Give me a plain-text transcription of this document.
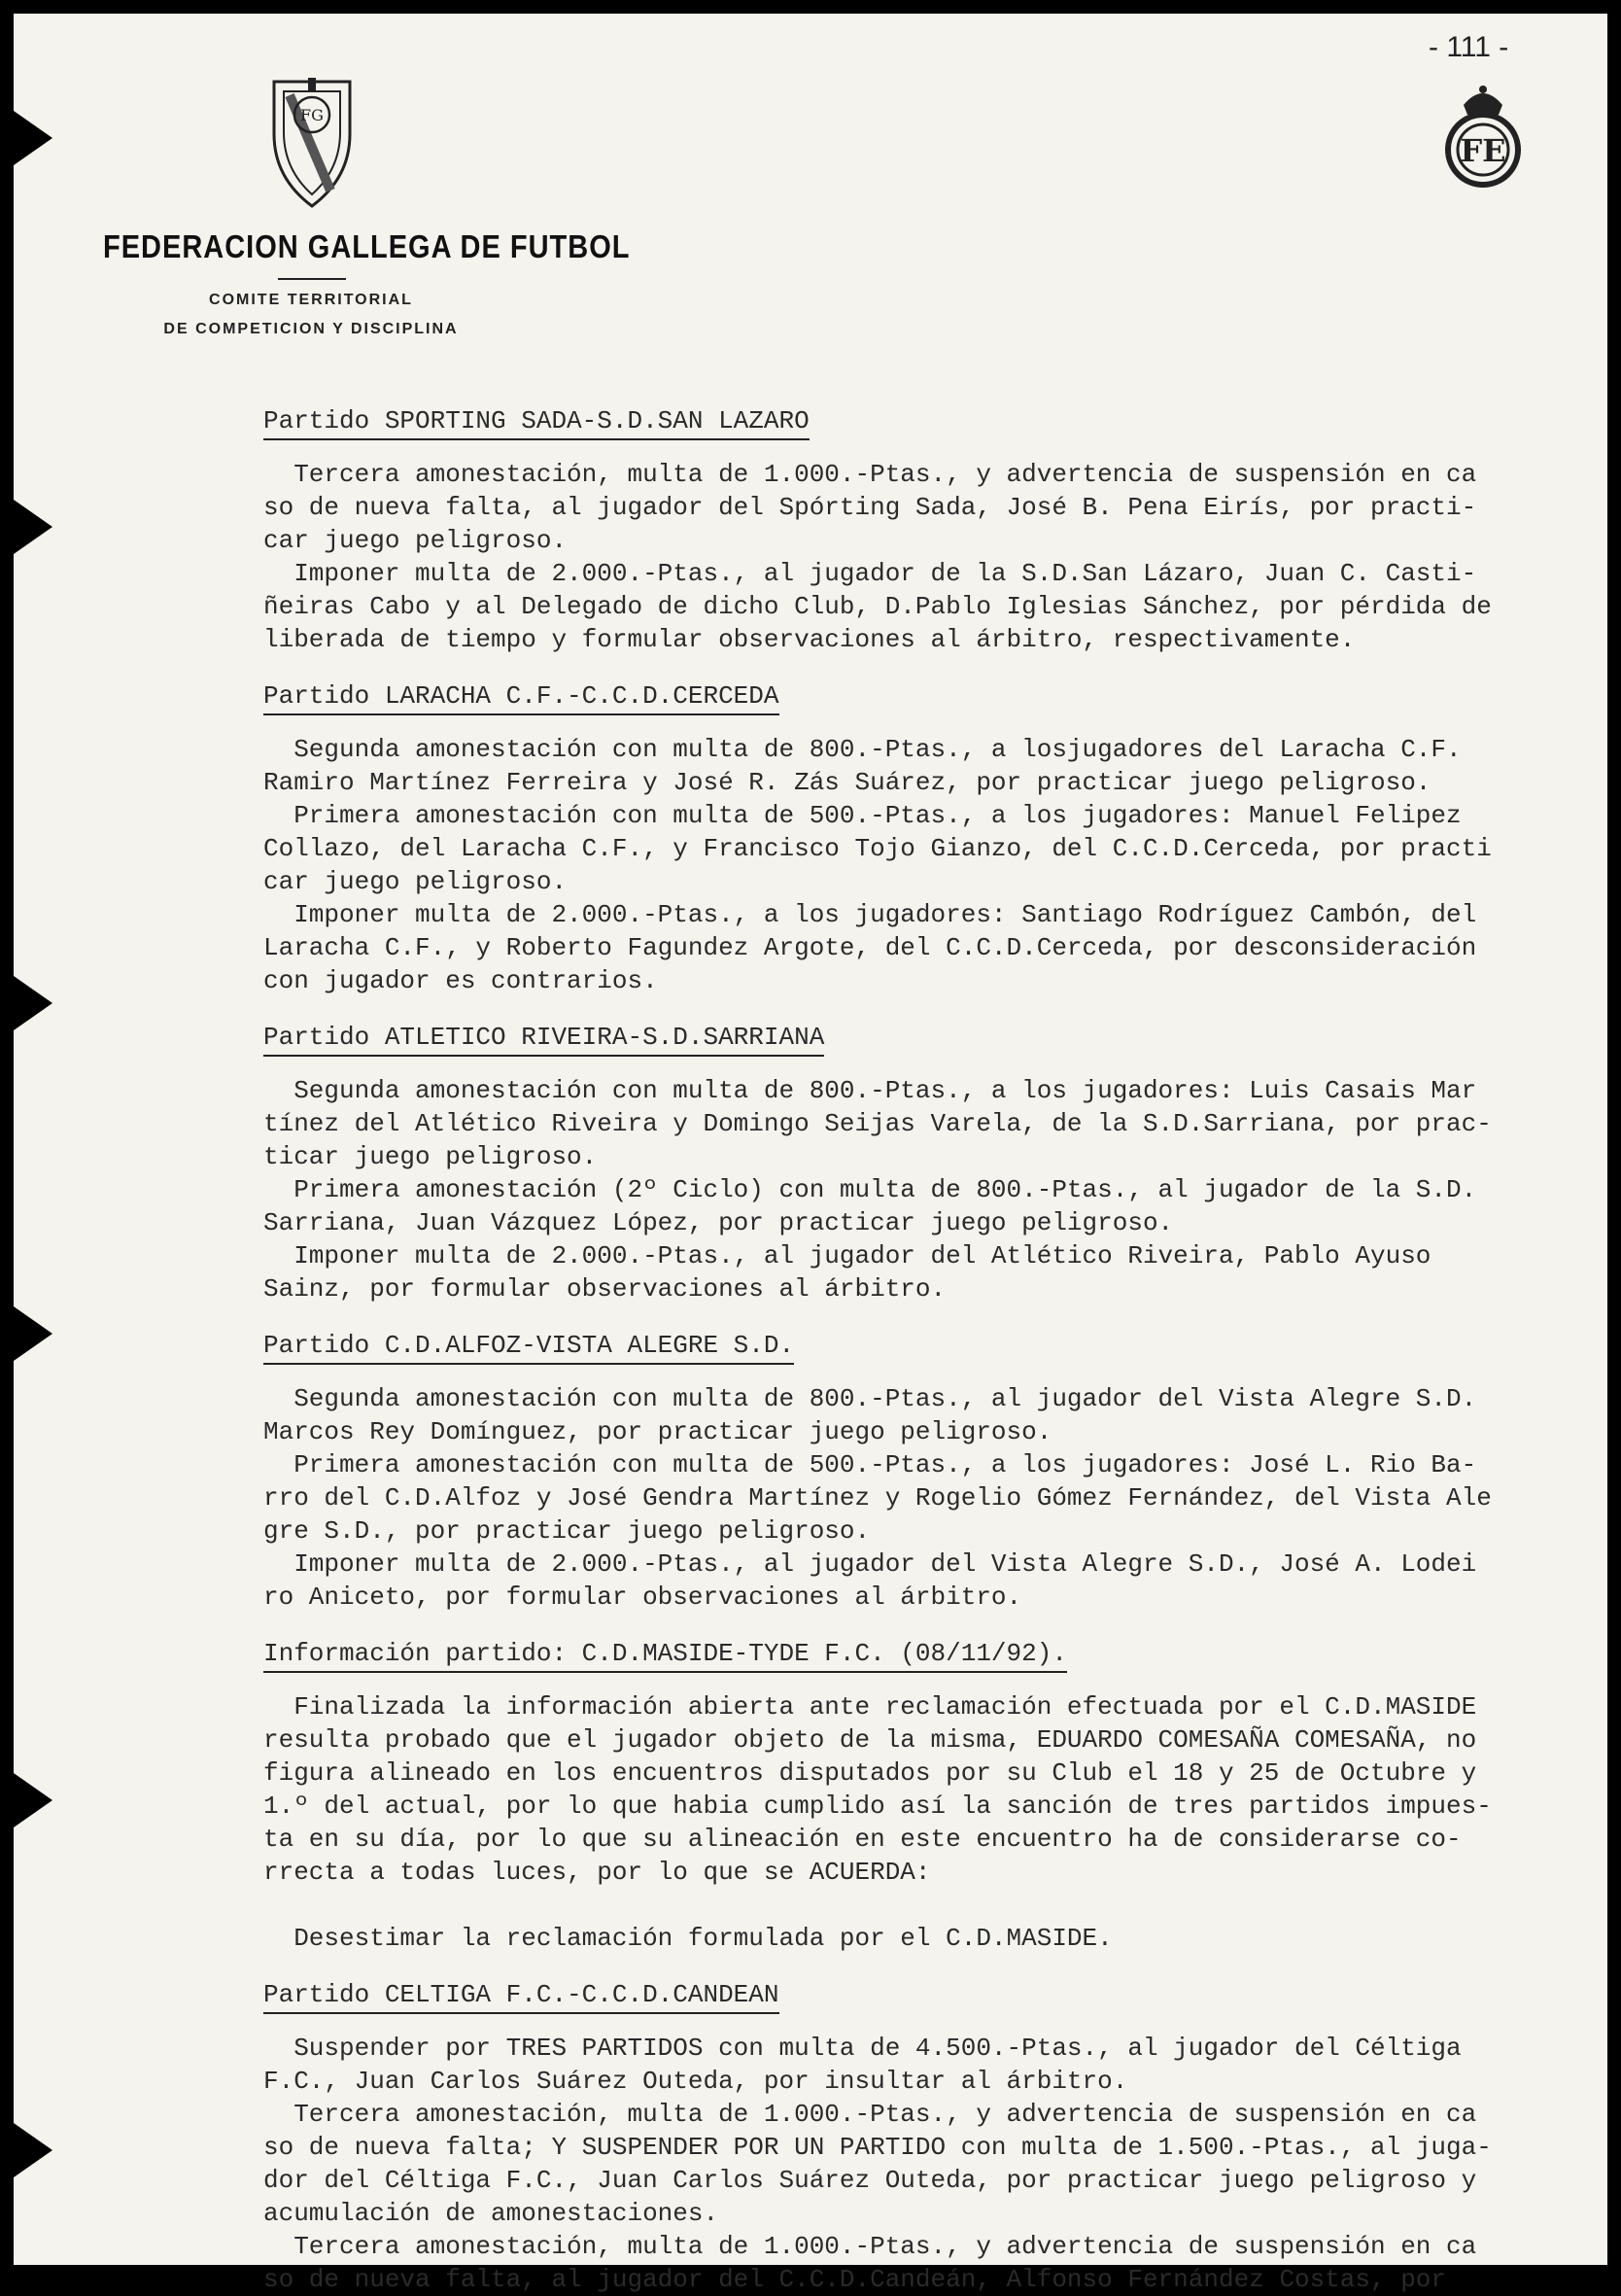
- 111 -
FG
FE
FEDERACION GALLEGA DE FUTBOL
COMITE TERRITORIAL
DE COMPETICION Y DISCIPLINA
Partido SPORTING SADA-S.D.SAN LAZARO

Tercera amonestación, multa de 1.000.-Ptas., y advertencia de suspensión en ca

so de nueva falta, al jugador del Spórting Sada, José B. Pena Eirís, por practi-

car juego peligroso.

Imponer multa de 2.000.-Ptas., al jugador de la S.D.San Lázaro, Juan C. Casti-

ñeiras Cabo y al Delegado de dicho Club, D.Pablo Iglesias Sánchez, por pérdida de

liberada de tiempo y formular observaciones al árbitro, respectivamente.

Partido LARACHA C.F.-C.C.D.CERCEDA

Segunda amonestación con multa de 800.-Ptas., a losjugadores del Laracha C.F.

Ramiro Martínez Ferreira y José R. Zás Suárez, por practicar juego peligroso.

Primera amonestación con multa de 500.-Ptas., a los jugadores: Manuel Felipez

Collazo, del Laracha C.F., y Francisco Tojo Gianzo, del C.C.D.Cerceda, por practi

car juego peligroso.

Imponer multa de 2.000.-Ptas., a los jugadores: Santiago Rodríguez Cambón, del

Laracha C.F., y Roberto Fagundez Argote, del C.C.D.Cerceda, por desconsideración

con jugador es contrarios.

Partido ATLETICO RIVEIRA-S.D.SARRIANA

Segunda amonestación con multa de 800.-Ptas., a los jugadores: Luis Casais Mar

tínez del Atlético Riveira y Domingo Seijas Varela, de la S.D.Sarriana, por prac-

ticar juego peligroso.

Primera amonestación (2º Ciclo) con multa de 800.-Ptas., al jugador de la S.D.

Sarriana, Juan Vázquez López, por practicar juego peligroso.

Imponer multa de 2.000.-Ptas., al jugador del Atlético Riveira, Pablo Ayuso

Sainz, por formular observaciones al árbitro.

Partido C.D.ALFOZ-VISTA ALEGRE S.D.

Segunda amonestación con multa de 800.-Ptas., al jugador del Vista Alegre S.D.

Marcos Rey Domínguez, por practicar juego peligroso.

Primera amonestación con multa de 500.-Ptas., a los jugadores: José L. Rio Ba-

rro del C.D.Alfoz y José Gendra Martínez y Rogelio Gómez Fernández, del Vista Ale

gre S.D., por practicar juego peligroso.

Imponer multa de 2.000.-Ptas., al jugador del Vista Alegre S.D., José A. Lodei

ro Aniceto, por formular observaciones al árbitro.

Información partido: C.D.MASIDE-TYDE F.C. (08/11/92).

Finalizada la información abierta ante reclamación efectuada por el C.D.MASIDE

resulta probado que el jugador objeto de la misma, EDUARDO COMESAÑA COMESAÑA, no

figura alineado en los encuentros disputados por su Club el 18 y 25 de Octubre y

1.º del actual, por lo que habia cumplido así la sanción de tres partidos impues-

ta en su día, por lo que su alineación en este encuentro ha de considerarse co-

rrecta a todas luces, por lo que se ACUERDA:

Desestimar la reclamación formulada por el C.D.MASIDE.

Partido CELTIGA F.C.-C.C.D.CANDEAN

Suspender por TRES PARTIDOS con multa de 4.500.-Ptas., al jugador del Céltiga

F.C., Juan Carlos Suárez Outeda, por insultar al árbitro.

Tercera amonestación, multa de 1.000.-Ptas., y advertencia de suspensión en ca

so de nueva falta; Y SUSPENDER POR UN PARTIDO con multa de 1.500.-Ptas., al juga-

dor del Céltiga F.C., Juan Carlos Suárez Outeda, por practicar juego peligroso y

acumulación de amonestaciones.

Tercera amonestación, multa de 1.000.-Ptas., y advertencia de suspensión en ca

so de nueva falta, al jugador del C.C.D.Candeán, Alfonso Fernández Costas, por
